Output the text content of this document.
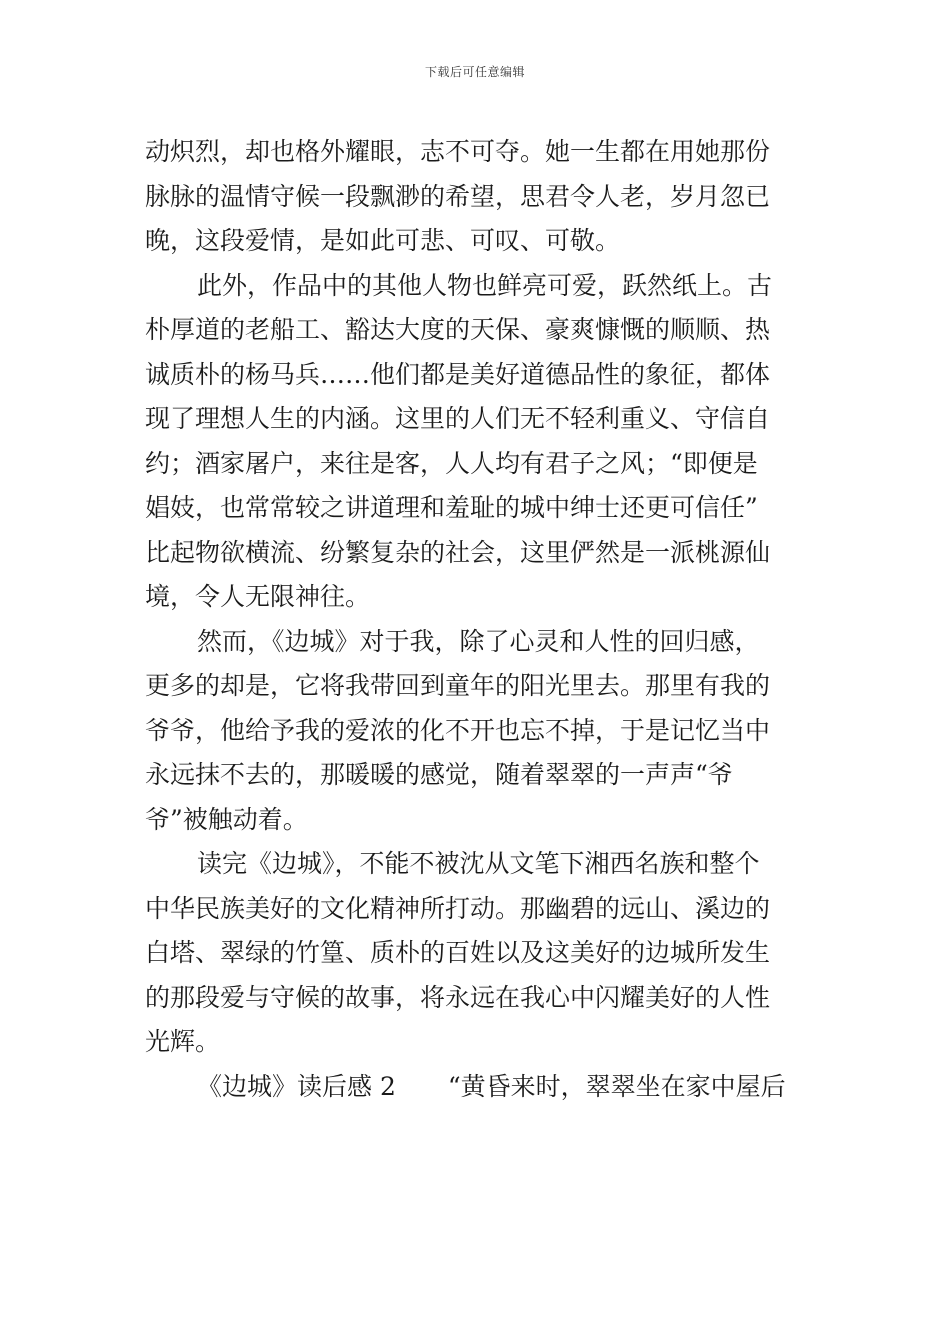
下载后可任意编辑
动炽烈，却也格外耀眼，志不可夺。她一生都在用她那份
脉脉的温情守候一段飘渺的希望，思君令人老，岁月忽已
晚，这段爱情，是如此可悲、可叹、可敬。
此外，作品中的其他人物也鲜亮可爱，跃然纸上。古
朴厚道的老船工、豁达大度的天保、豪爽慷慨的顺顺、热
诚质朴的杨马兵……他们都是美好道德品性的象征，都体
现了理想人生的内涵。这里的人们无不轻利重义、守信自
约；酒家屠户，来往是客，人人均有君子之风；“即便是
娼妓，也常常较之讲道理和羞耻的城中绅士还更可信任”
比起物欲横流、纷繁复杂的社会，这里俨然是一派桃源仙
境，令人无限神往。
然而，《边城》对于我，除了心灵和人性的回归感，
更多的却是，它将我带回到童年的阳光里去。那里有我的
爷爷，他给予我的爱浓的化不开也忘不掉，于是记忆当中
永远抹不去的，那暖暖的感觉，随着翠翠的一声声“爷
爷”被触动着。
读完《边城》，不能不被沈从文笔下湘西名族和整个
中华民族美好的文化精神所打动。那幽碧的远山、溪边的
白塔、翠绿的竹篁、质朴的百姓以及这美好的边城所发生
的那段爱与守候的故事，将永远在我心中闪耀美好的人性
光辉。
《边城》读后感 2 “黄昏来时，翠翠坐在家中屋后
